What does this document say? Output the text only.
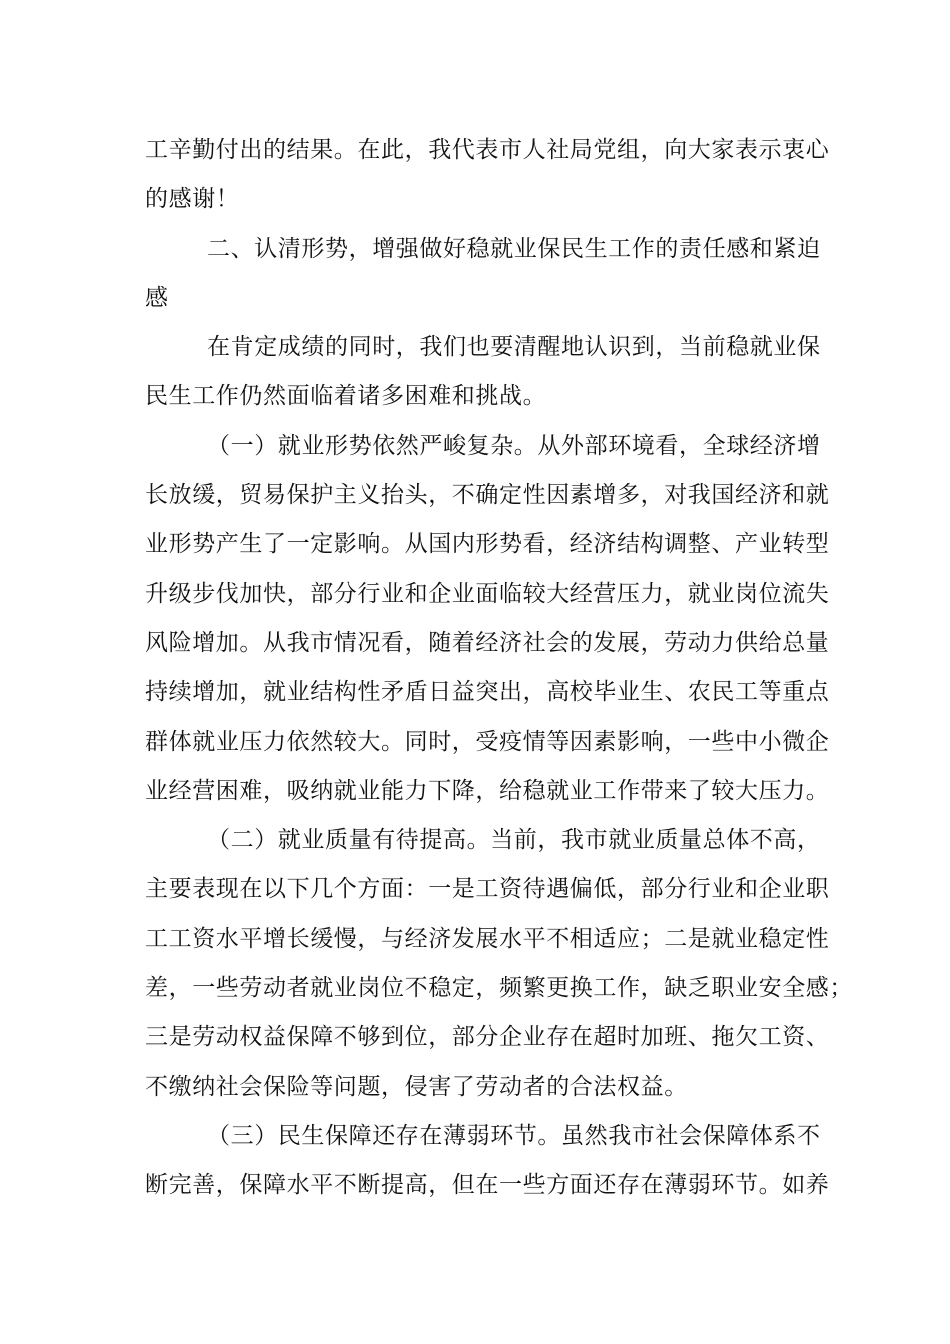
工辛勤付出的结果。在此，我代表市人社局党组，向大家表示衷心
的感谢！
二、认清形势，增强做好稳就业保民生工作的责任感和紧迫
感
在肯定成绩的同时，我们也要清醒地认识到，当前稳就业保
民生工作仍然面临着诸多困难和挑战。
（一）就业形势依然严峻复杂。从外部环境看，全球经济增
长放缓，贸易保护主义抬头，不确定性因素增多，对我国经济和就
业形势产生了一定影响。从国内形势看，经济结构调整、产业转型
升级步伐加快，部分行业和企业面临较大经营压力，就业岗位流失
风险增加。从我市情况看，随着经济社会的发展，劳动力供给总量
持续增加，就业结构性矛盾日益突出，高校毕业生、农民工等重点
群体就业压力依然较大。同时，受疫情等因素影响，一些中小微企
业经营困难，吸纳就业能力下降，给稳就业工作带来了较大压力。
（二）就业质量有待提高。当前，我市就业质量总体不高，
主要表现在以下几个方面：一是工资待遇偏低，部分行业和企业职
工工资水平增长缓慢，与经济发展水平不相适应；二是就业稳定性
差，一些劳动者就业岗位不稳定，频繁更换工作，缺乏职业安全感；
三是劳动权益保障不够到位，部分企业存在超时加班、拖欠工资、
不缴纳社会保险等问题，侵害了劳动者的合法权益。
（三）民生保障还存在薄弱环节。虽然我市社会保障体系不
断完善，保障水平不断提高，但在一些方面还存在薄弱环节。如养
